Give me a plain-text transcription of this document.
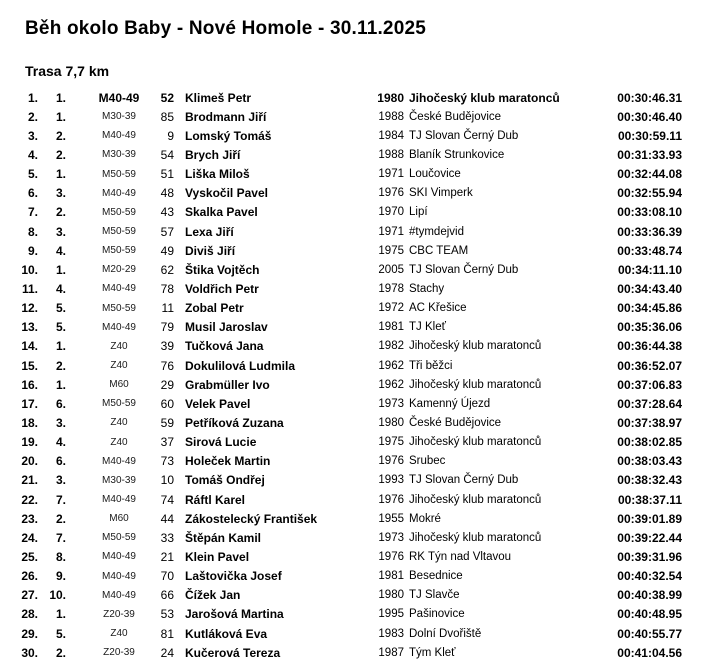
Běh okolo Baby - Nové Homole - 30.11.2025
Trasa 7,7 km
1.	1.	M40-49	52 Klimeš Petr	1980 Jihočeský klub maratonců	00:30:46.31
2.	1.	M30-39	85 Brodmann Jiří	1988 České Budějovice	00:30:46.40
3.	2.	M40-49	9 Lomský Tomáš	1984 TJ Slovan Černý Dub	00:30:59.11
4.	2.	M30-39	54 Brych Jiří	1988 Blaník Strunkovice	00:31:33.93
5.	1.	M50-59	51 Liška Miloš	1971 Loučovice	00:32:44.08
6.	3.	M40-49	48 Vyskočil Pavel	1976 SKI Vimperk	00:32:55.94
7.	2.	M50-59	43 Skalka Pavel	1970 Lipí	00:33:08.10
8.	3.	M50-59	57 Lexa Jiří	1971 #tymdejvid	00:33:36.39
9.	4.	M50-59	49 Diviš Jiří	1975 CBC TEAM	00:33:48.74
10.	1.	M20-29	62 Štika Vojtěch	2005 TJ Slovan Černý Dub	00:34:11.10
11.	4.	M40-49	78 Voldřich Petr	1978 Stachy	00:34:43.40
12.	5.	M50-59	11 Zobal Petr	1972 AC Křešice	00:34:45.86
13.	5.	M40-49	79 Musil Jaroslav	1981 TJ Kleť	00:35:36.06
14.	1.	Z40	39 Tučková Jana	1982 Jihočeský klub maratonců	00:36:44.38
15.	2.	Z40	76 Dokulilová Ludmila	1962 Tři běžci	00:36:52.07
16.	1.	M60	29 Grabmüller Ivo	1962 Jihočeský klub maratonců	00:37:06.83
17.	6.	M50-59	60 Velek Pavel	1973 Kamenný Újezd	00:37:28.64
18.	3.	Z40	59 Petříková Zuzana	1980 České Budějovice	00:37:38.97
19.	4.	Z40	37 Sirová Lucie	1975 Jihočeský klub maratonců	00:38:02.85
20.	6.	M40-49	73 Holeček Martin	1976 Srubec	00:38:03.43
21.	3.	M30-39	10 Tomáš Ondřej	1993 TJ Slovan Černý Dub	00:38:32.43
22.	7.	M40-49	74 Ráftl Karel	1976 Jihočeský klub maratonců	00:38:37.11
23.	2.	M60	44 Zákostelecký František	1955 Mokré	00:39:01.89
24.	7.	M50-59	33 Štěpán Kamil	1973 Jihočeský klub maratonců	00:39:22.44
25.	8.	M40-49	21 Klein Pavel	1976 RK Týn nad Vltavou	00:39:31.96
26.	9.	M40-49	70 Laštovička Josef	1981 Besednice	00:40:32.54
27. 10.	M40-49	66 Čížek Jan	1980 TJ Slavče	00:40:38.99
28.	1.	Z20-39	53 Jarošová Martina	1995 Pašinovice	00:40:48.95
29.	5.	Z40	81 Kutláková Eva	1983 Dolní Dvořiště	00:40:55.77
30.	2.	Z20-39	24 Kučerová Tereza	1987 Tým Kleť	00:41:04.56
